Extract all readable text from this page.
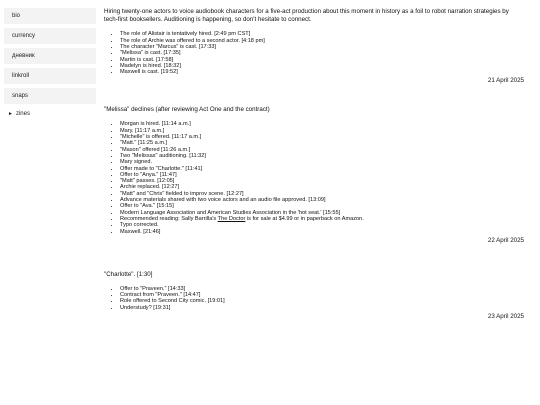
bio
currency
дневник
linkroll
snaps
► zines

Hiring twenty-one actors to voice audiobook characters for a five-act production about this moment in history as a foil to robot narration strategies by tech-first booksellers. Auditioning is happening, so don't hesitate to connect.

• The role of Alistair is tentatively hired. [2:49 pm CST]
• The role of Archie was offered to a second actor. [4:18 pm]
• The character "Marcus" is cast. [17:33]
• "Melissa" is cast. [17:35]
• Martin is cast. [17:58]
• Madelyn is hired. [18:32]
• Maxwell is cast. [19:52]
21 April 2025

"Melissa" declines (after reviewing Act One and the contract)

• Morgan is hired. [11:14 a.m.]
• Mary. [11:17 a.m.]
• "Michelle" is offered. [11:17 a.m.]
• "Matt." [11:25 a.m.]
• "Mason" offered [11:26 a.m.]
• Two "Melissas" auditioning. [11:32]
• Mary signed.
• Offer made to "Charlotte." [11:41]
• Offer to "Anya." [11:47]
• "Matt" passes. [12:05]
• Archie replaced. [12:27]
• "Matt" and "Chris" fielded to improv scene. [12:27]
• Advance materials shared with two voice actors and an audio file approved. [13:09]
• Offer to "Ava." [15:15]
• Modern Language Association and American Studies Association in the 'hot seat.' [15:55]
• Recommended reading: Sally Barrilla's The Doctor is for sale at $4.99 or in paperback on Amazon.
• Typo corrected.
• Maxwell. [21:46]
22 April 2025

"Charlotte". [1:30]

• Offer to "Praveen." [14:33]
• Contract from "Praveen." [14:47]
• Role offered to Second City comic. [19:01]
• Understudy? [19:31]
23 April 2025
